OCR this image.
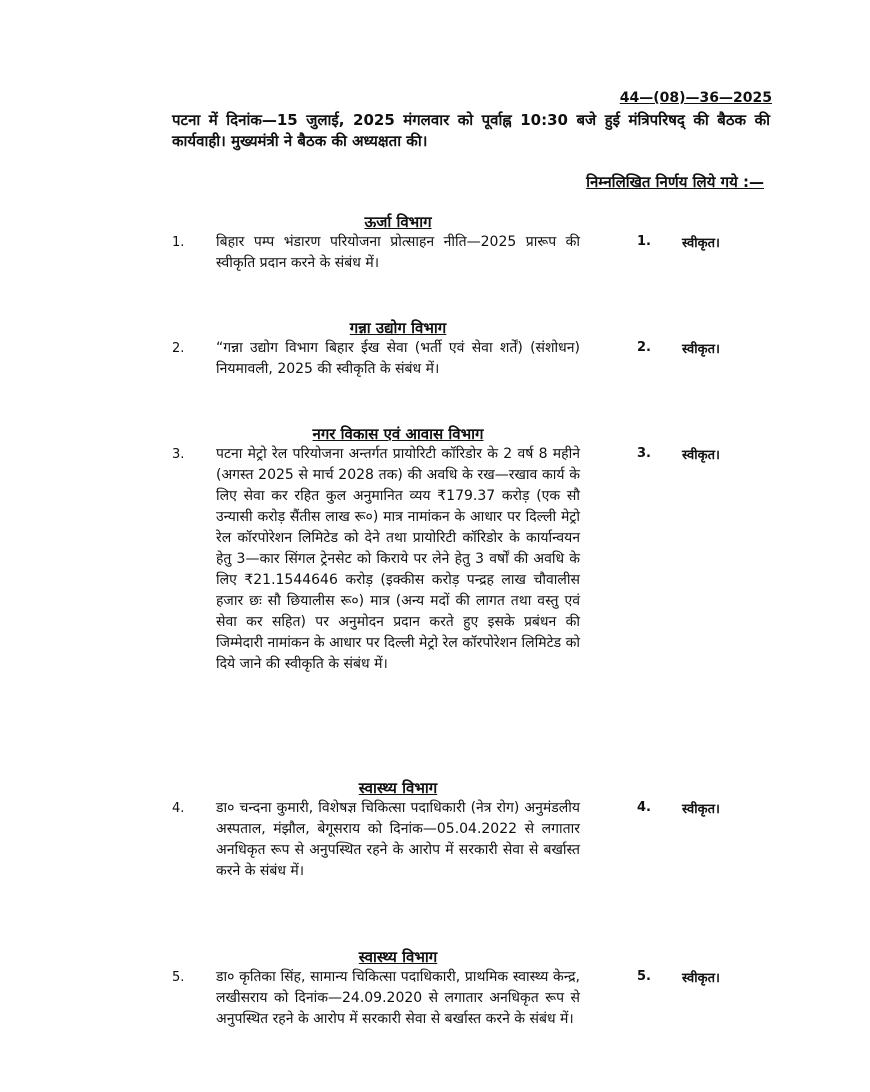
44—(08)—36—2025
पटना में दिनांक—15 जुलाई, 2025 मंगलवार को पूर्वाह्न 10:30 बजे हुई मंत्रिपरिषद् की बैठक की कार्यवाही। मुख्यमंत्री ने बैठक की अध्यक्षता की।
निम्नलिखित निर्णय लिये गये :—
ऊर्जा विभाग
1. बिहार पम्प भंडारण परियोजना प्रोत्साहन नीति—2025 प्रारूप की स्वीकृति प्रदान करने के संबंध में।
1. स्वीकृत।
गन्ना उद्योग विभाग
2. “गन्ना उद्योग विभाग बिहार ईख सेवा (भर्ती एवं सेवा शर्तें) (संशोधन) नियमावली, 2025 की स्वीकृति के संबंध में।
2. स्वीकृत।
नगर विकास एवं आवास विभाग
3. पटना मेट्रो रेल परियोजना अन्तर्गत प्रायोरिटी कॉरिडोर के 2 वर्ष 8 महीने (अगस्त 2025 से मार्च 2028 तक) की अवधि के रख—रखाव कार्य के लिए सेवा कर रहित कुल अनुमानित व्यय ₹179.37 करोड़ (एक सौ उन्यासी करोड़ सैंतीस लाख रू०) मात्र नामांकन के आधार पर दिल्ली मेट्रो रेल कॉरपोरेशन लिमिटेड को देने तथा प्रायोरिटी कॉरिडोर के कार्यान्वयन हेतु 3—कार सिंगल ट्रेनसेट को किराये पर लेने हेतु 3 वर्षों की अवधि के लिए ₹21.1544646 करोड़ (इक्कीस करोड़ पन्द्रह लाख चौवालीस हजार छः सौ छियालीस रू०) मात्र (अन्य मदों की लागत तथा वस्तु एवं सेवा कर सहित) पर अनुमोदन प्रदान करते हुए इसके प्रबंधन की जिम्मेदारी नामांकन के आधार पर दिल्ली मेट्रो रेल कॉरपोरेशन लिमिटेड को दिये जाने की स्वीकृति के संबंध में।
3. स्वीकृत।
स्वास्थ्य विभाग
4. डा० चन्दना कुमारी, विशेषज्ञ चिकित्सा पदाधिकारी (नेत्र रोग) अनुमंडलीय अस्पताल, मंझौल, बेगूसराय को दिनांक—05.04.2022 से लगातार अनधिकृत रूप से अनुपस्थित रहने के आरोप में सरकारी सेवा से बर्खास्त करने के संबंध में।
4. स्वीकृत।
स्वास्थ्य विभाग
5. डा० कृतिका सिंह, सामान्य चिकित्सा पदाधिकारी, प्राथमिक स्वास्थ्य केन्द्र, लखीसराय को दिनांक—24.09.2020 से लगातार अनधिकृत रूप से अनुपस्थित रहने के आरोप में सरकारी सेवा से बर्खास्त करने के संबंध में।
5. स्वीकृत।
